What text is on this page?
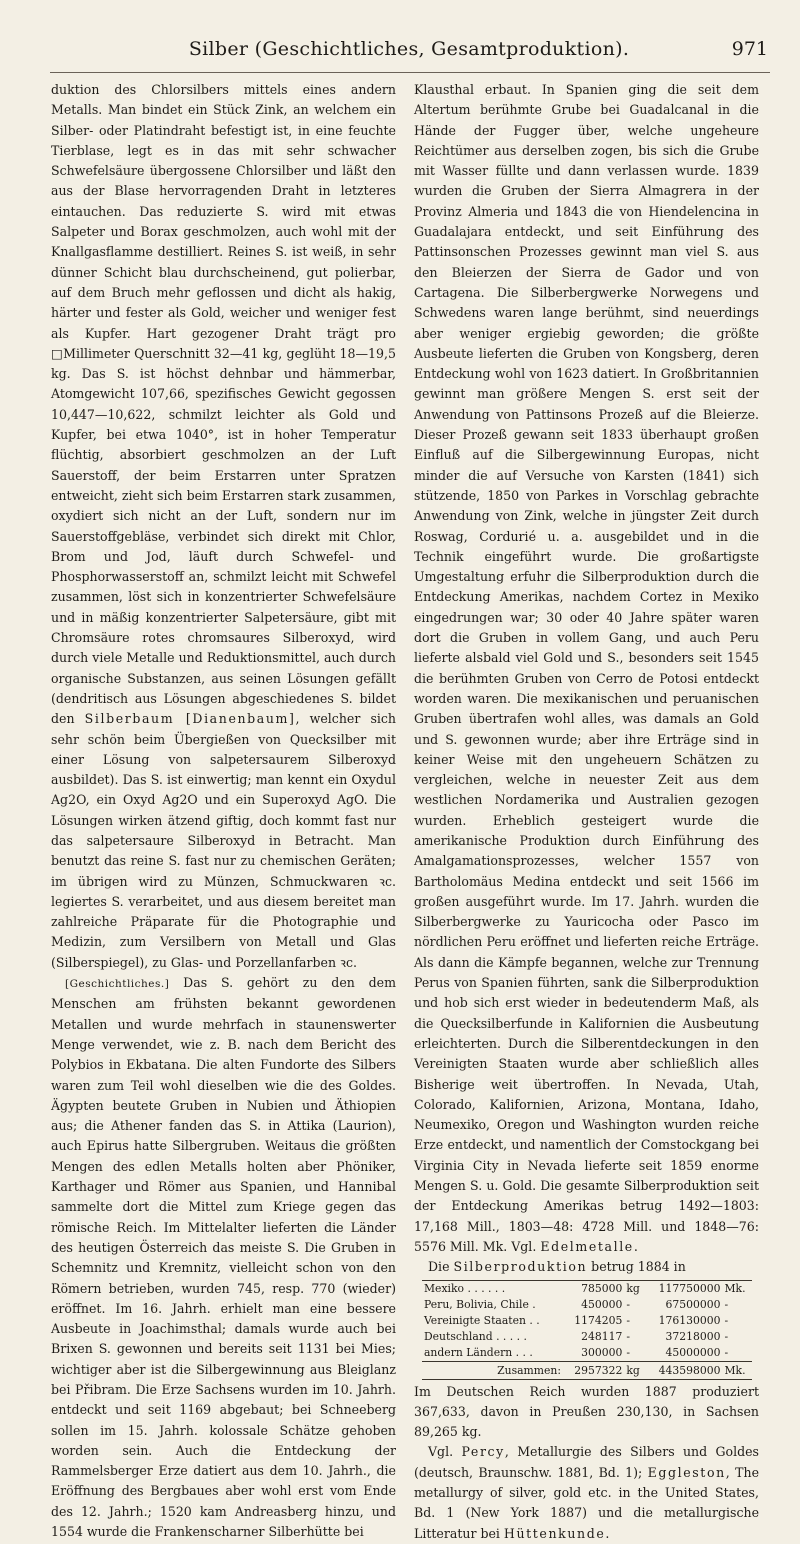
Silber (Geschichtliches, Gesamtproduktion).	971

duktion des Chlorsilbers mittels eines andern Metalls. Man bindet ein Stück Zink, an welchem ein Silber- oder Platindraht befestigt ist, in eine feuchte Tierblase, legt es in das mit sehr schwacher Schwefelsäure übergossene Chlorsilber und läßt den aus der Blase hervorragenden Draht in letzteres eintauchen. Das reduzierte S. wird mit etwas Salpeter und Borax geschmolzen, auch wohl mit der Knallgasflamme destilliert. Reines S. ist weiß, in sehr dünner Schicht blau durchscheinend, gut polierbar, auf dem Bruch mehr geflossen und dicht als hakig, härter und fester als Gold, weicher und weniger fest als Kupfer. Hart gezogener Draht trägt pro □Millimeter Querschnitt 32—41 kg, geglüht 18—19,5 kg. Das S. ist höchst dehnbar und hämmerbar, Atomgewicht 107,66, spezifisches Gewicht gegossen 10,447—10,622, schmilzt leichter als Gold und Kupfer, bei etwa 1040°, ist in hoher Temperatur flüchtig, absorbiert geschmolzen an der Luft Sauerstoff, der beim Erstarren unter Spratzen entweicht, zieht sich beim Erstarren stark zusammen, oxydiert sich nicht an der Luft, sondern nur im Sauerstoffgebläse, verbindet sich direkt mit Chlor, Brom und Jod, läuft durch Schwefel- und Phosphorwasserstoff an, schmilzt leicht mit Schwefel zusammen, löst sich in konzentrierter Schwefelsäure und in mäßig konzentrierter Salpetersäure, gibt mit Chromsäure rotes chromsaures Silberoxyd, wird durch viele Metalle und Reduktionsmittel, auch durch organische Substanzen, aus seinen Lösungen gefällt (dendritisch aus Lösungen abgeschiedenes S. bildet den Silberbaum [Dianenbaum], welcher sich sehr schön beim Übergießen von Quecksilber mit einer Lösung von salpetersaurem Silberoxyd ausbildet). Das S. ist einwertig; man kennt ein Oxydul Ag2O, ein Oxyd Ag2O und ein Superoxyd AgO. Die Lösungen wirken ätzend giftig, doch kommt fast nur das salpetersaure Silberoxyd in Betracht. Man benutzt das reine S. fast nur zu chemischen Geräten; im übrigen wird zu Münzen, Schmuckwaren ꝛc. legiertes S. verarbeitet, und aus diesem bereitet man zahlreiche Präparate für die Photographie und Medizin, zum Versilbern von Metall und Glas (Silberspiegel), zu Glas- und Porzellanfarben ꝛc.

[Geschichtliches.] Das S. gehört zu den dem Menschen am frühsten bekannt gewordenen Metallen und wurde mehrfach in staunenswerter Menge verwendet, wie z. B. nach dem Bericht des Polybios in Ekbatana. Die alten Fundorte des Silbers waren zum Teil wohl dieselben wie die des Goldes. Ägypten beutete Gruben in Nubien und Äthiopien aus; die Athener fanden das S. in Attika (Laurion), auch Epirus hatte Silbergruben. Weitaus die größten Mengen des edlen Metalls holten aber Phöniker, Karthager und Römer aus Spanien, und Hannibal sammelte dort die Mittel zum Kriege gegen das römische Reich. Im Mittelalter lieferten die Länder des heutigen Österreich das meiste S. Die Gruben in Schemnitz und Kremnitz, vielleicht schon von den Römern betrieben, wurden 745, resp. 770 (wieder) eröffnet. Im 16. Jahrh. erhielt man eine bessere Ausbeute in Joachimsthal; damals wurde auch bei Brixen S. gewonnen und bereits seit 1131 bei Mies; wichtiger aber ist die Silbergewinnung aus Bleiglanz bei Přibram. Die Erze Sachsens wurden im 10. Jahrh. entdeckt und seit 1169 abgebaut; bei Schneeberg sollen im 15. Jahrh. kolossale Schätze gehoben worden sein. Auch die Entdeckung der Rammelsberger Erze datiert aus dem 10. Jahrh., die Eröffnung des Bergbaues aber wohl erst vom Ende des 12. Jahrh.; 1520 kam Andreasberg hinzu, und 1554 wurde die Frankenscharner Silberhütte bei

Klausthal erbaut. In Spanien ging die seit dem Altertum berühmte Grube bei Guadalcanal in die Hände der Fugger über, welche ungeheure Reichtümer aus derselben zogen, bis sich die Grube mit Wasser füllte und dann verlassen wurde. 1839 wurden die Gruben der Sierra Almagrera in der Provinz Almeria und 1843 die von Hiendelencina in Guadalajara entdeckt, und seit Einführung des Pattinsonschen Prozesses gewinnt man viel S. aus den Bleierzen der Sierra de Gador und von Cartagena. Die Silberbergwerke Norwegens und Schwedens waren lange berühmt, sind neuerdings aber weniger ergiebig geworden; die größte Ausbeute lieferten die Gruben von Kongsberg, deren Entdeckung wohl von 1623 datiert. In Großbritannien gewinnt man größere Mengen S. erst seit der Anwendung von Pattinsons Prozeß auf die Bleierze. Dieser Prozeß gewann seit 1833 überhaupt großen Einfluß auf die Silbergewinnung Europas, nicht minder die auf Versuche von Karsten (1841) sich stützende, 1850 von Parkes in Vorschlag gebrachte Anwendung von Zink, welche in jüngster Zeit durch Roswag, Cordurié u. a. ausgebildet und in die Technik eingeführt wurde. Die großartigste Umgestaltung erfuhr die Silberproduktion durch die Entdeckung Amerikas, nachdem Cortez in Mexiko eingedrungen war; 30 oder 40 Jahre später waren dort die Gruben in vollem Gang, und auch Peru lieferte alsbald viel Gold und S., besonders seit 1545 die berühmten Gruben von Cerro de Potosi entdeckt worden waren. Die mexikanischen und peruanischen Gruben übertrafen wohl alles, was damals an Gold und S. gewonnen wurde; aber ihre Erträge sind in keiner Weise mit den ungeheuern Schätzen zu vergleichen, welche in neuester Zeit aus dem westlichen Nordamerika und Australien gezogen wurden. Erheblich gesteigert wurde die amerikanische Produktion durch Einführung des Amalgamationsprozesses, welcher 1557 von Bartholomäus Medina entdeckt und seit 1566 im großen ausgeführt wurde. Im 17. Jahrh. wurden die Silberbergwerke zu Yauricocha oder Pasco im nördlichen Peru eröffnet und lieferten reiche Erträge. Als dann die Kämpfe begannen, welche zur Trennung Perus von Spanien führten, sank die Silberproduktion und hob sich erst wieder in bedeutenderm Maß, als die Quecksilberfunde in Kalifornien die Ausbeutung erleichterten. Durch die Silberentdeckungen in den Vereinigten Staaten wurde aber schließlich alles Bisherige weit übertroffen. In Nevada, Utah, Colorado, Kalifornien, Arizona, Montana, Idaho, Neumexiko, Oregon und Washington wurden reiche Erze entdeckt, und namentlich der Comstockgang bei Virginia City in Nevada lieferte seit 1859 enorme Mengen S. u. Gold. Die gesamte Silberproduktion seit der Entdeckung Amerikas betrug 1492—1803: 17,168 Mill., 1803—48: 4728 Mill. und 1848—76: 5576 Mill. Mk. Vgl. Edelmetalle.

Die Silberproduktion betrug 1884 in

Mexiko . . . . . .	785000	kg	117750000	Mk.
Peru, Bolivia, Chile .	450000	-	67500000	-
Vereinigte Staaten . .	1174205	-	176130000	-
Deutschland . . . . .	248117	-	37218000	-
andern Ländern . . .	300000	-	45000000	-
Zusammen:	2957322	kg	443598000	Mk.

Im Deutschen Reich wurden 1887 produziert 367,633, davon in Preußen 230,130, in Sachsen 89,265 kg.

Vgl. Percy, Metallurgie des Silbers und Goldes (deutsch, Braunschw. 1881, Bd. 1); Eggleston, The metallurgy of silver, gold etc. in the United States, Bd. 1 (New York 1887) und die metallurgische Litteratur bei Hüttenkunde.
